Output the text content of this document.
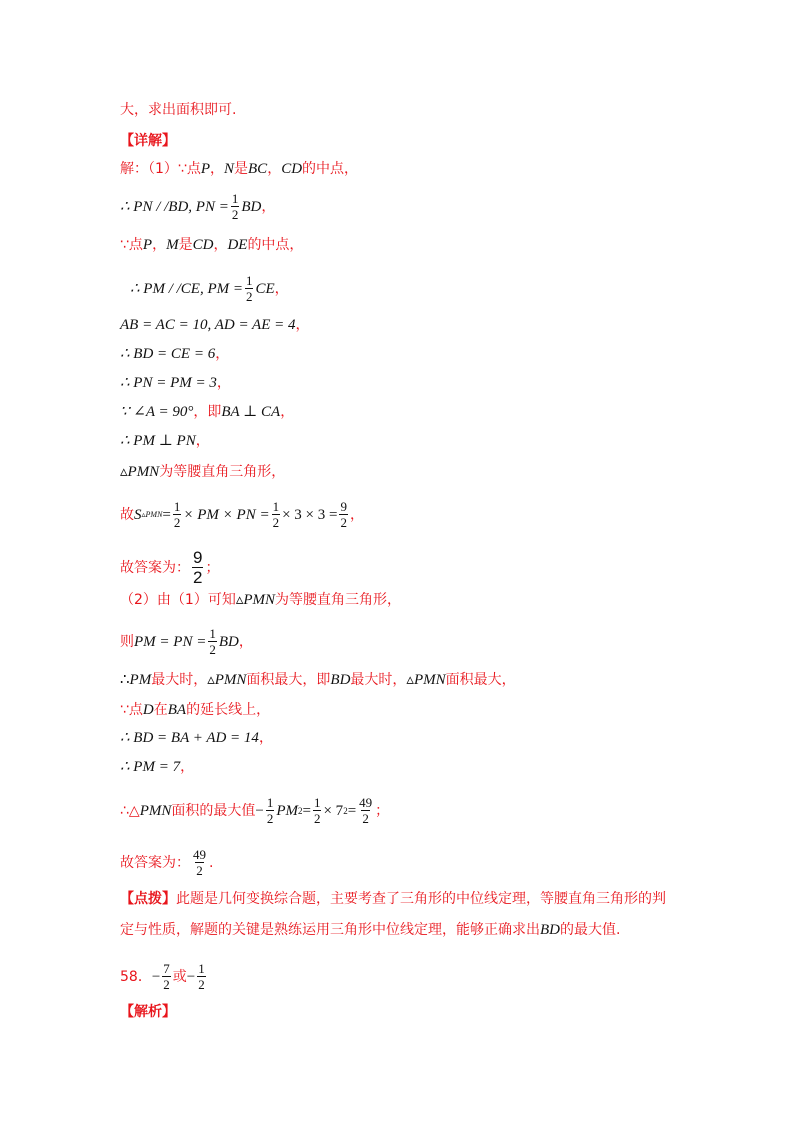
大，求出面积即可.
【详解】
解：（1）∵点 P ， N 是 BC ， CD 的中点，
∴ PN / /BD, PN = $\frac{1}{2}$ BD ，
∵点 P ， M 是 CD ， DE 的中点，
∴ PM / /CE, PM = $\frac{1}{2}$ CE ，
AB = AC = 10, AD = AE = 4 ，
∴ BD = CE = 6 ，
∴ PN = PM = 3 ，
∵ ∠A = 90° ，即 BA ⊥ CA ，
∴ PM ⊥ PN ，
▵PMN 为等腰直角三角形，
故 S ▵PMN = $\frac{1}{2}$ × PM × PN = $\frac{1}{2} \times 3 \times 3 = \frac{9}{2}$ ，
故答案为： $\frac{9}{2}$ ；
（2）由（1）可知 ▵PMN 为等腰直角三角形，
则 PM = PN = $\frac{1}{2}$ BD ，
∴ PM 最大时， ▵PMN 面积最大，即 BD 最大时， ▵PMN 面积最大，
∵点 D 在 BA 的延长线上，
∴ BD = BA + AD = 14 ，
∴ PM = 7 ，
∴△ PMN 面积的最大值 − $\frac{1}{2}$ PM $2 = \frac{1}{2} \times 7$ $2 = \frac{49}{2}$ ；
故答案为： $\frac{49}{2}$ .
【点拨】 此题是几何变换综合题，主要考查了三角形的中位线定理，等腰直角三角形的判
定与性质，解题的关键是熟练运用三角形中位线定理，能够正确求出 BD 的最大值.
58． − $\frac{7}{2}$ 或 − $\frac{1}{2}$
【解析】
